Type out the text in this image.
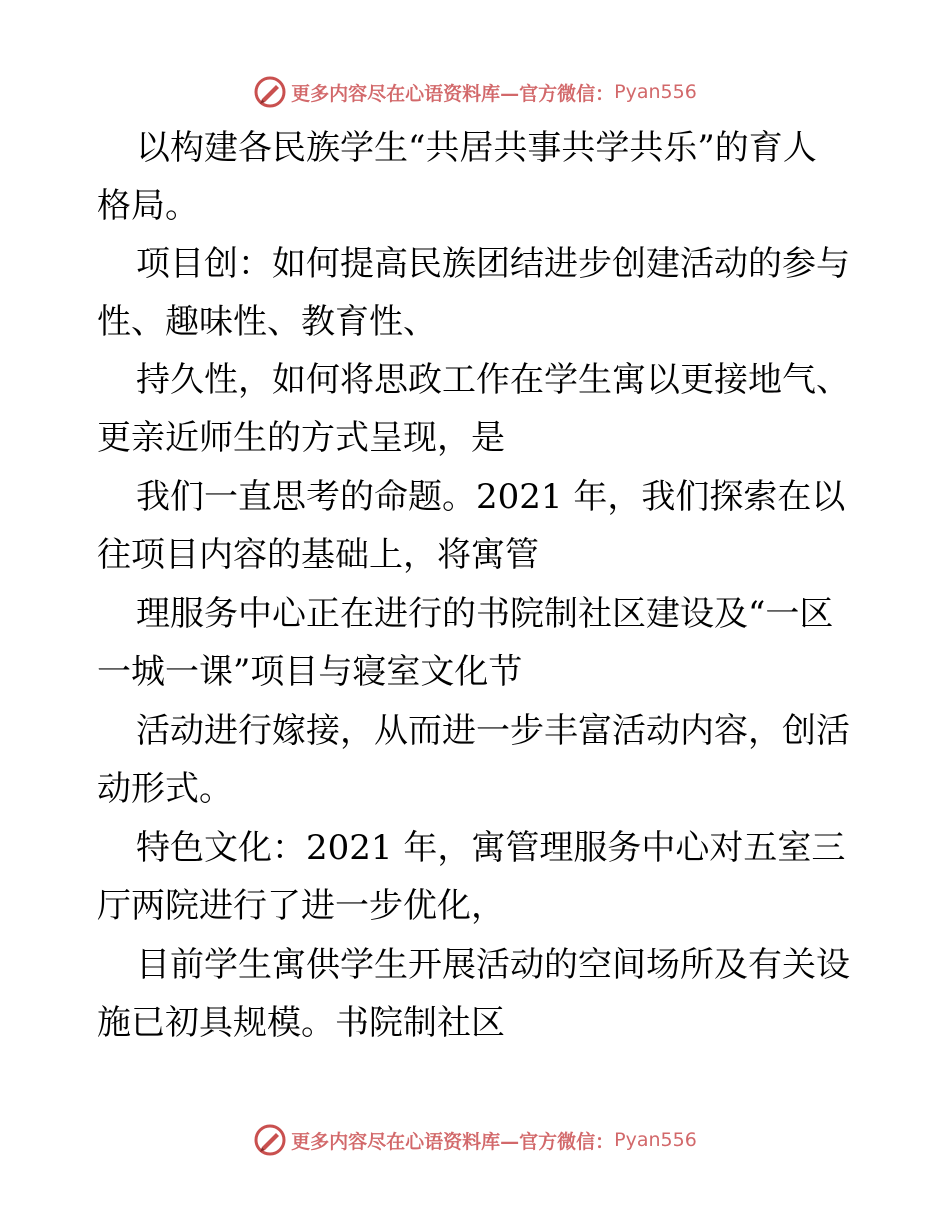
更多内容尽在心语资料库—官方微信： Pyan556
以构建各民族学生“共居共事共学共乐”的育人
格局。
项目创：如何提高民族团结进步创建活动的参与
性、趣味性、教育性、
持久性，如何将思政工作在学生寓以更接地气、
更亲近师生的方式呈现，是
我们一直思考的命题。2021 年，我们探索在以
往项目内容的基础上，将寓管
理服务中心正在进行的书院制社区建设及“一区
一城一课”项目与寝室文化节
活动进行嫁接，从而进一步丰富活动内容，创活
动形式。
特色文化：2021 年，寓管理服务中心对五室三
厅两院进行了进一步优化，
目前学生寓供学生开展活动的空间场所及有关设
施已初具规模。书院制社区
更多内容尽在心语资料库—官方微信： Pyan556
